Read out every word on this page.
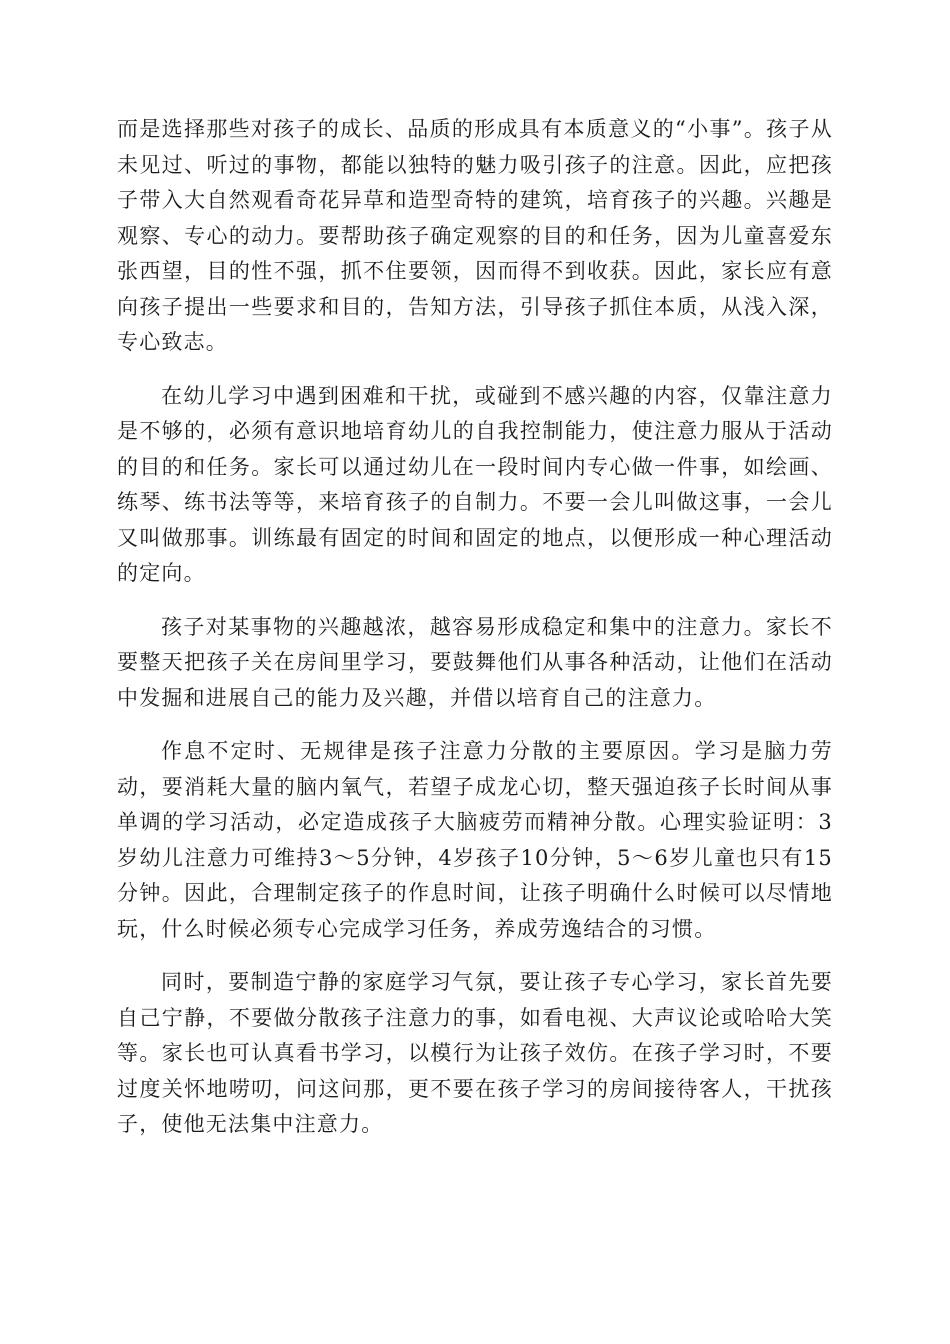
而是选择那些对孩子的成长、品质的形成具有本质意义的“小事”。孩子从未见过、听过的事物，都能以独特的魅力吸引孩子的注意。因此，应把孩子带入大自然观看奇花异草和造型奇特的建筑，培育孩子的兴趣。兴趣是观察、专心的动力。要帮助孩子确定观察的目的和任务，因为儿童喜爱东张西望，目的性不强，抓不住要领，因而得不到收获。因此，家长应有意向孩子提出一些要求和目的，告知方法，引导孩子抓住本质，从浅入深，专心致志。

在幼儿学习中遇到困难和干扰，或碰到不感兴趣的内容，仅靠注意力是不够的，必须有意识地培育幼儿的自我控制能力，使注意力服从于活动的目的和任务。家长可以通过幼儿在一段时间内专心做一件事，如绘画、练琴、练书法等等，来培育孩子的自制力。不要一会儿叫做这事，一会儿又叫做那事。训练最有固定的时间和固定的地点，以便形成一种心理活动的定向。

孩子对某事物的兴趣越浓，越容易形成稳定和集中的注意力。家长不要整天把孩子关在房间里学习，要鼓舞他们从事各种活动，让他们在活动中发掘和进展自己的能力及兴趣，并借以培育自己的注意力。

作息不定时、无规律是孩子注意力分散的主要原因。学习是脑力劳动，要消耗大量的脑内氧气，若望子成龙心切，整天强迫孩子长时间从事单调的学习活动，必定造成孩子大脑疲劳而精神分散。心理实验证明：3岁幼儿注意力可维持3～5分钟，4岁孩子10分钟，5～6岁儿童也只有15分钟。因此，合理制定孩子的作息时间，让孩子明确什么时候可以尽情地玩，什么时候必须专心完成学习任务，养成劳逸结合的习惯。

同时，要制造宁静的家庭学习气氛，要让孩子专心学习，家长首先要自己宁静，不要做分散孩子注意力的事，如看电视、大声议论或哈哈大笑等。家长也可认真看书学习，以模行为让孩子效仿。在孩子学习时，不要过度关怀地唠叨，问这问那，更不要在孩子学习的房间接待客人，干扰孩子，使他无法集中注意力。
